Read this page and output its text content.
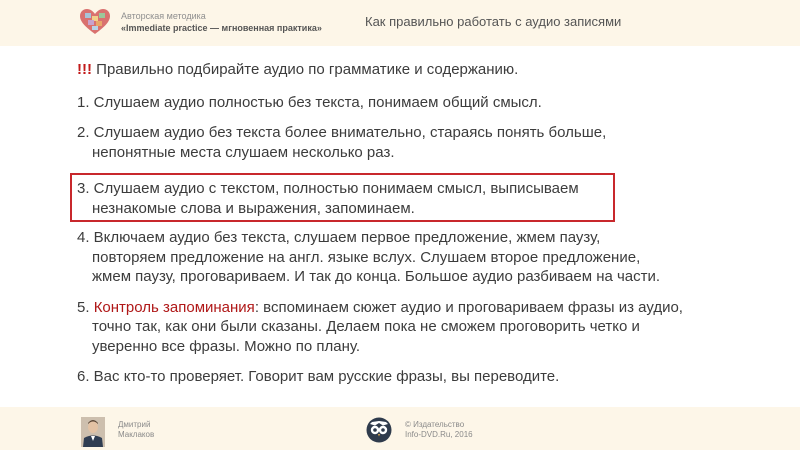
Авторская методика
«Immediate practice — мгновенная практика»	Как правильно работать с аудио записями

!!! Правильно подбирайте аудио по грамматике и содержанию.

1. Слушаем аудио полностью без текста, понимаем общий смысл.

2. Слушаем аудио без текста более внимательно, стараясь понять больше,

непонятные места слушаем несколько раз.

3. Слушаем аудио с текстом, полностью понимаем смысл, выписываем

незнакомые слова и выражения, запоминаем.

4. Включаем аудио без текста, слушаем первое предложение, жмем паузу,

повторяем предложение на англ. языке вслух. Слушаем второе предложение,

жмем паузу, проговариваем. И так до конца. Большое аудио разбиваем на части.

5. Контроль запоминания: вспоминаем сюжет аудио и проговариваем фразы из аудио,

точно так, как они были сказаны. Делаем пока не сможем проговорить четко и

уверенно все фразы. Можно по плану.

6. Вас кто-то проверяет. Говорит вам русские фразы, вы переводите.

Дмитрий
Маклаков
© Издательство
Info-DVD.Ru, 2016
